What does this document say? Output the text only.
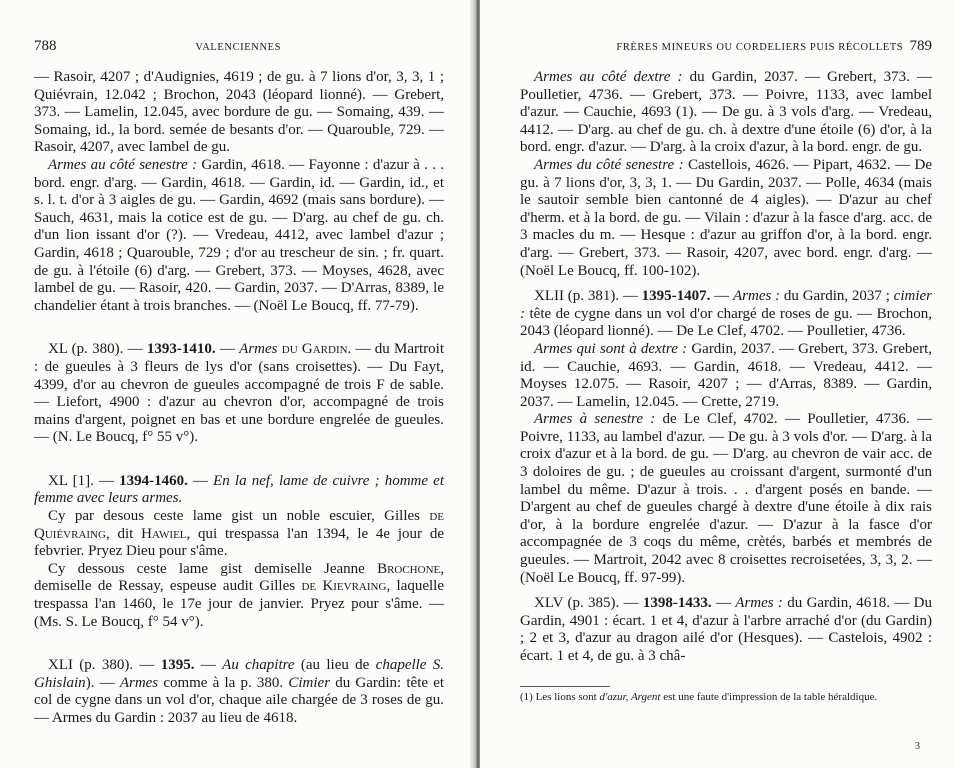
788	VALENCIENNES

— Rasoir, 4207 ; d'Audignies, 4619 ; de gu. à 7 lions d'or, 3, 3, 1 ; Quiévrain, 12.042 ; Brochon, 2043 (léopard lionné). — Grebert, 373. — Lamelin, 12.045, avec bordure de gu. — Somaing, 439. — Somaing, id., la bord. semée de besants d'or. — Quarouble, 729. — Rasoir, 4207, avec lambel de gu.

Armes au côté senestre : Gardin, 4618. — Fayonne : d'azur à . . . bord. engr. d'arg. — Gardin, 4618. — Gardin, id. — Gardin, id., et s. l. t. d'or à 3 aigles de gu. — Gardin, 4692 (mais sans bordure). — Sauch, 4631, mais la cotice est de gu. — D'arg. au chef de gu. ch. d'un lion issant d'or (?). — Vredeau, 4412, avec lambel d'azur ; Gardin, 4618 ; Quarouble, 729 ; d'or au trescheur de sin. ; fr. quart. de gu. à l'étoile (6) d'arg. — Grebert, 373. — Moyses, 4628, avec lambel de gu. — Rasoir, 420. — Gardin, 2037. — D'Arras, 8389, le chandelier étant à trois branches. — (Noël Le Boucq, ff. 77-79).

XL (p. 380). — 1393-1410. — Armes du Gardin. — du Martroit : de gueules à 3 fleurs de lys d'or (sans croisettes). — Du Fayt, 4399, d'or au chevron de gueules accompagné de trois F de sable. — Liefort, 4900 : d'azur au chevron d'or, accompagné de trois mains d'argent, poignet en bas et une bordure engrelée de gueules. — (N. Le Boucq, f° 55 v°).

XL [1]. — 1394-1460. — En la nef, lame de cuivre ; homme et femme avec leurs armes.

Cy par desous ceste lame gist un noble escuier, Gilles de Quiévraing, dit Hawiel, qui trespassa l'an 1394, le 4e jour de febvrier. Pryez Dieu pour s'âme.

Cy dessous ceste lame gist demiselle Jeanne Brochone, demiselle de Ressay, espeuse audit Gilles de Kievraing, laquelle trespassa l'an 1460, le 17e jour de janvier. Pryez pour s'âme. — (Ms. S. Le Boucq, f° 54 v°).

XLI (p. 380). — 1395. — Au chapitre (au lieu de chapelle S. Ghislain). — Armes comme à la p. 380. Cimier du Gardin: tête et col de cygne dans un vol d'or, chaque aile chargée de 3 roses de gu. — Armes du Gardin : 2037 au lieu de 4618.

FRÈRES MINEURS OU CORDELIERS PUIS RÉCOLLETS 789

Armes au côté dextre : du Gardin, 2037. — Grebert, 373. — Poulletier, 4736. — Grebert, 373. — Poivre, 1133, avec lambel d'azur. — Cauchie, 4693 (1). — De gu. à 3 vols d'arg. — Vredeau, 4412. — D'arg. au chef de gu. ch. à dextre d'une étoile (6) d'or, à la bord. engr. d'azur. — D'arg. à la croix d'azur, à la bord. engr. de gu.

Armes du côté senestre : Castellois, 4626. — Pipart, 4632. — De gu. à 7 lions d'or, 3, 3, 1. — Du Gardin, 2037. — Polle, 4634 (mais le sautoir semble bien cantonné de 4 aigles). — D'azur au chef d'herm. et à la bord. de gu. — Vilain : d'azur à la fasce d'arg. acc. de 3 macles du m. — Hesque : d'azur au griffon d'or, à la bord. engr. d'arg. — Grebert, 373. — Rasoir, 4207, avec bord. engr. d'arg. — (Noël Le Boucq, ff. 100-102).

XLII (p. 381). — 1395-1407. — Armes : du Gardin, 2037 ; cimier : tête de cygne dans un vol d'or chargé de roses de gu. — Brochon, 2043 (léopard lionné). — De Le Clef, 4702. — Poulletier, 4736.

Armes qui sont à dextre : Gardin, 2037. — Grebert, 373. Grebert, id. — Cauchie, 4693. — Gardin, 4618. — Vredeau, 4412. — Moyses 12.075. — Rasoir, 4207 ; — d'Arras, 8389. — Gardin, 2037. — Lamelin, 12.045. — Crette, 2719.

Armes à senestre : de Le Clef, 4702. — Poulletier, 4736. — Poivre, 1133, au lambel d'azur. — De gu. à 3 vols d'or. — D'arg. à la croix d'azur et à la bord. de gu. — D'arg. au chevron de vair acc. de 3 doloires de gu. ; de gueules au croissant d'argent, surmonté d'un lambel du même. D'azur à trois. . . d'argent posés en bande. — D'argent au chef de gueules chargé à dextre d'une étoile à dix rais d'or, à la bordure engrelée d'azur. — D'azur à la fasce d'or accompagnée de 3 coqs du même, crètés, barbés et membrés de gueules. — Martroit, 2042 avec 8 croisettes recroisetées, 3, 3, 2. — (Noël Le Boucq, ff. 97-99).

XLV (p. 385). — 1398-1433. — Armes : du Gardin, 4618. — Du Gardin, 4901 : écart. 1 et 4, d'azur à l'arbre arraché d'or (du Gardin) ; 2 et 3, d'azur au dragon ailé d'or (Hesques). — Castelois, 4902 : écart. 1 et 4, de gu. à 3 châ-

(1) Les lions sont d'azur, Argent est une faute d'impression de la table héraldique.
3
